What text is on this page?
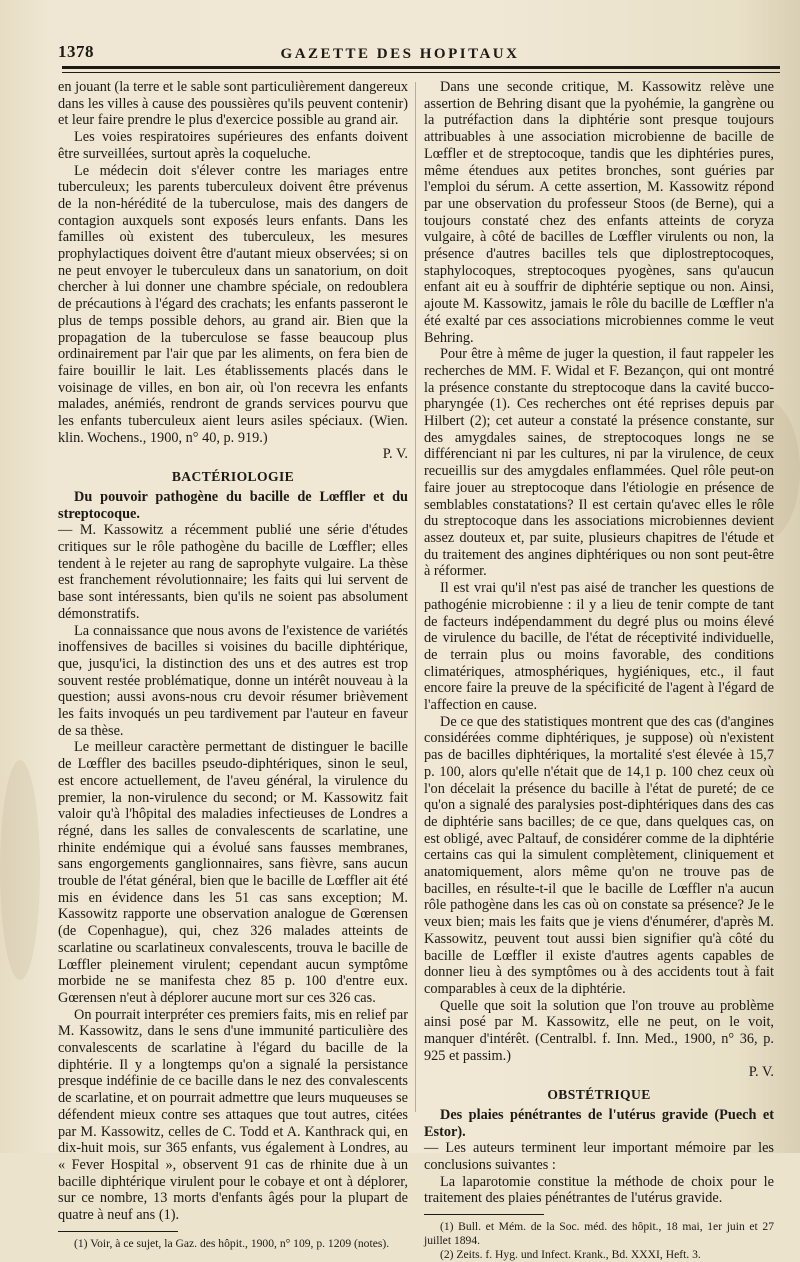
1378	GAZETTE DES HOPITAUX

en jouant (la terre et le sable sont particulièrement dangereux dans les villes à cause des poussières qu'ils peuvent contenir) et leur faire prendre le plus d'exercice possible au grand air.

Les voies respiratoires supérieures des enfants doivent être surveillées, surtout après la coqueluche.

Le médecin doit s'élever contre les mariages entre tuberculeux; les parents tuberculeux doivent être prévenus de la non-hérédité de la tuberculose, mais des dangers de contagion auxquels sont exposés leurs enfants. Dans les familles où existent des tuberculeux, les mesures prophylactiques doivent être d'autant mieux observées; si on ne peut envoyer le tuberculeux dans un sanatorium, on doit chercher à lui donner une chambre spéciale, on redoublera de précautions à l'égard des crachats; les enfants passeront le plus de temps possible dehors, au grand air. Bien que la propagation de la tuberculose se fasse beaucoup plus ordinairement par l'air que par les aliments, on fera bien de faire bouillir le lait. Les établissements placés dans le voisinage de villes, en bon air, où l'on recevra les enfants malades, anémiés, rendront de grands services pourvu que les enfants tuberculeux aient leurs asiles spéciaux. (Wien. klin. Wochens., 1900, n° 40, p. 919.)

P. V.

BACTÉRIOLOGIE
Du pouvoir pathogène du bacille de Lœffler et du streptocoque.

— M. Kassowitz a récemment publié une série d'études critiques sur le rôle pathogène du bacille de Lœffler; elles tendent à le rejeter au rang de saprophyte vulgaire. La thèse est franchement révolutionnaire; les faits qui lui servent de base sont intéressants, bien qu'ils ne soient pas absolument démonstratifs.

La connaissance que nous avons de l'existence de variétés inoffensives de bacilles si voisines du bacille diphtérique, que, jusqu'ici, la distinction des uns et des autres est trop souvent restée problématique, donne un intérêt nouveau à la question; aussi avons-nous cru devoir résumer brièvement les faits invoqués un peu tardivement par l'auteur en faveur de sa thèse.

Le meilleur caractère permettant de distinguer le bacille de Lœffler des bacilles pseudo-diphtériques, sinon le seul, est encore actuellement, de l'aveu général, la virulence du premier, la non-virulence du second; or M. Kassowitz fait valoir qu'à l'hôpital des maladies infectieuses de Londres a régné, dans les salles de convalescents de scarlatine, une rhinite endémique qui a évolué sans fausses membranes, sans engorgements ganglionnaires, sans fièvre, sans aucun trouble de l'état général, bien que le bacille de Lœffler ait été mis en évidence dans les 51 cas sans exception; M. Kassowitz rapporte une observation analogue de Gœrensen (de Copenhague), qui, chez 326 malades atteints de scarlatine ou scarlatineux convalescents, trouva le bacille de Lœffler pleinement virulent; cependant aucun symptôme morbide ne se manifesta chez 85 p. 100 d'entre eux. Gœrensen n'eut à déplorer aucune mort sur ces 326 cas.

On pourrait interpréter ces premiers faits, mis en relief par M. Kassowitz, dans le sens d'une immunité particulière des convalescents de scarlatine à l'égard du bacille de la diphtérie. Il y a longtemps qu'on a signalé la persistance presque indéfinie de ce bacille dans le nez des convalescents de scarlatine, et on pourrait admettre que leurs muqueuses se défendent mieux contre ses attaques que tout autres, citées par M. Kassowitz, celles de C. Todd et A. Kanthrack qui, en dix-huit mois, sur 365 enfants, vus également à Londres, au « Fever Hospital », observent 91 cas de rhinite due à un bacille diphtérique virulent pour le cobaye et ont à déplorer, sur ce nombre, 13 morts d'enfants âgés pour la plupart de quatre à neuf ans (1).

(1) Voir, à ce sujet, la Gaz. des hôpit., 1900, n° 109, p. 1209 (notes).

Dans une seconde critique, M. Kassowitz relève une assertion de Behring disant que la pyohémie, la gangrène ou la putréfaction dans la diphtérie sont presque toujours attribuables à une association microbienne de bacille de Lœffler et de streptocoque, tandis que les diphtéries pures, même étendues aux petites bronches, sont guéries par l'emploi du sérum. A cette assertion, M. Kassowitz répond par une observation du professeur Stoos (de Berne), qui a toujours constaté chez des enfants atteints de coryza vulgaire, à côté de bacilles de Lœffler virulents ou non, la présence d'autres bacilles tels que diplostreptocoques, staphylocoques, streptocoques pyogènes, sans qu'aucun enfant ait eu à souffrir de diphtérie septique ou non. Ainsi, ajoute M. Kassowitz, jamais le rôle du bacille de Lœffler n'a été exalté par ces associations microbiennes comme le veut Behring.

Pour être à même de juger la question, il faut rappeler les recherches de MM. F. Widal et F. Bezançon, qui ont montré la présence constante du streptocoque dans la cavité bucco-pharyngée (1). Ces recherches ont été reprises depuis par Hilbert (2); cet auteur a constaté la présence constante, sur des amygdales saines, de streptocoques longs ne se différenciant ni par les cultures, ni par la virulence, de ceux recueillis sur des amygdales enflammées. Quel rôle peut-on faire jouer au streptocoque dans l'étiologie en présence de semblables constatations? Il est certain qu'avec elles le rôle du streptocoque dans les associations microbiennes devient assez douteux et, par suite, plusieurs chapitres de l'étude et du traitement des angines diphtériques ou non sont peut-être à réformer.

Il est vrai qu'il n'est pas aisé de trancher les questions de pathogénie microbienne : il y a lieu de tenir compte de tant de facteurs indépendamment du degré plus ou moins élevé de virulence du bacille, de l'état de réceptivité individuelle, de terrain plus ou moins favorable, des conditions climatériques, atmosphériques, hygiéniques, etc., il faut encore faire la preuve de la spécificité de l'agent à l'égard de l'affection en cause.

De ce que des statistiques montrent que des cas (d'angines considérées comme diphtériques, je suppose) où n'existent pas de bacilles diphtériques, la mortalité s'est élevée à 15,7 p. 100, alors qu'elle n'était que de 14,1 p. 100 chez ceux où l'on décelait la présence du bacille à l'état de pureté; de ce qu'on a signalé des paralysies post-diphtériques dans des cas de diphtérie sans bacilles; de ce que, dans quelques cas, on est obligé, avec Paltauf, de considérer comme de la diphtérie certains cas qui la simulent complètement, cliniquement et anatomiquement, alors même qu'on ne trouve pas de bacilles, en résulte-t-il que le bacille de Lœffler n'a aucun rôle pathogène dans les cas où on constate sa présence? Je le veux bien; mais les faits que je viens d'énumérer, d'après M. Kassowitz, peuvent tout aussi bien signifier qu'à côté du bacille de Lœffler il existe d'autres agents capables de donner lieu à des symptômes ou à des accidents tout à fait comparables à ceux de la diphtérie.

Quelle que soit la solution que l'on trouve au problème ainsi posé par M. Kassowitz, elle ne peut, on le voit, manquer d'intérêt. (Centralbl. f. Inn. Med., 1900, n° 36, p. 925 et passim.)

P. V.

OBSTÉTRIQUE
Des plaies pénétrantes de l'utérus gravide (Puech et Estor).

— Les auteurs terminent leur important mémoire par les conclusions suivantes :

La laparotomie constitue la méthode de choix pour le traitement des plaies pénétrantes de l'utérus gravide.

(1) Bull. et Mém. de la Soc. méd. des hôpit., 18 mai, 1er juin et 27 juillet 1894.

(2) Zeits. f. Hyg. und Infect. Krank., Bd. XXXI, Heft. 3.
